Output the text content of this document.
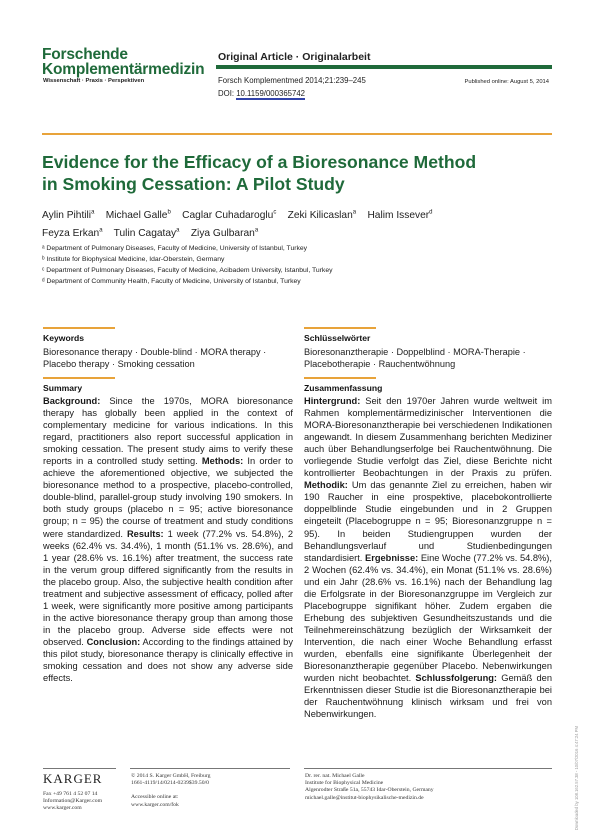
Forschende
Komplementärmedizin
Wissenschaft · Praxis · Perspektiven
Original Article · Originalarbeit
Forsch Komplementmed 2014;21:239–245
DOI: 10.1159/000365742
Published online: August 5, 2014
Evidence for the Efficacy of a Bioresonance Method
in Smoking Cessation: A Pilot Study
Aylin Pihtili$^a$ Michael Galle$^b$ Caglar Cuhadaroglu$^c$ Zeki Kilicaslan$^a$ Halim Issever$^d$
Feyza Erkan$^a$ Tulin Cagatay$^a$ Ziya Gulbaran$^a$
ᵃ Department of Pulmonary Diseases, Faculty of Medicine, University of Istanbul, Turkey
ᵇ Institute for Biophysical Medicine, Idar-Oberstein, Germany
ᶜ Department of Pulmonary Diseases, Faculty of Medicine, Acibadem University, Istanbul, Turkey
ᵈ Department of Community Health, Faculty of Medicine, University of Istanbul, Turkey
Keywords
Bioresonance therapy · Double-blind · MORA therapy ·
Placebo therapy · Smoking cessation
Summary
Background: Since the 1970s, MORA bioresonance therapy has globally been applied in the context of complementary medicine for various indications. In this regard, practitioners also report successful application in smoking cessation. The present study aims to verify these reports in a controlled study setting. Methods: In order to achieve the aforementioned objective, we subjected the bioresonance method to a prospective, placebo-controlled, double-blind, parallel-group study involving 190 smokers. In both study groups (placebo n = 95; active bioresonance group; n = 95) the course of treatment and study conditions were standardized. Results: 1 week (77.2% vs. 54.8%), 2 weeks (62.4% vs. 34.4%), 1 month (51.1% vs. 28.6%), and 1 year (28.6% vs. 16.1%) after treatment, the success rate in the verum group differed significantly from the results in the placebo group. Also, the subjective health condition after treatment and subjective assessment of efficacy, polled after 1 week, were significantly more positive among participants in the active bioresonance therapy group than among those in the placebo group. Adverse side effects were not observed. Conclusion: According to the findings attained by this pilot study, bioresonance therapy is clinically effective in smoking cessation and does not show any adverse side effects.
Schlüsselwörter
Bioresonanztherapie · Doppelblind · MORA-Therapie ·
Placebotherapie · Rauchentwöhnung
Zusammenfassung
Hintergrund: Seit den 1970er Jahren wurde weltweit im Rahmen komplementärmedizinischer Interventionen die MORA-Bioresonanztherapie bei verschiedenen Indikationen angewandt. In diesem Zusammenhang berichten Mediziner auch über Behandlungserfolge bei Rauchentwöhnung. Die vorliegende Studie verfolgt das Ziel, diese Berichte nicht kontrollierter Beobachtungen in der Praxis zu prüfen. Methodik: Um das genannte Ziel zu erreichen, haben wir 190 Raucher in eine prospektive, placebokontrollierte doppelblinde Studie eingebunden und in 2 Gruppen eingeteilt (Placebogruppe n = 95; Bioresonanzgruppe n = 95). In beiden Studiengruppen wurden der Behandlungsverlauf und Studienbedingungen standardisiert. Ergebnisse: Eine Woche (77.2% vs. 54.8%), 2 Wochen (62.4% vs. 34.4%), ein Monat (51.1% vs. 28.6%) und ein Jahr (28.6% vs. 16.1%) nach der Behandlung lag die Erfolgsrate in der Bioresonanzgruppe im Vergleich zur Placebogruppe signifikant höher. Zudem ergaben die Erhebung des subjektiven Gesundheitszustands und die Teilnehmereinschätzung bezüglich der Wirksamkeit der Intervention, die nach einer Woche Behandlung erfasst wurden, ebenfalls eine signifikante Überlegenheit der Bioresonanztherapie gegenüber Placebo. Nebenwirkungen wurden nicht beobachtet. Schlussfolgerung: Gemäß den Erkenntnissen dieser Studie ist die Bioresonanztherapie bei der Rauchentwöhnung klinisch wirksam und frei von Nebenwirkungen.
KARGER
Fax +49 761 4 52 07 14
Information@Karger.com
www.karger.com
© 2014 S. Karger GmbH, Freiburg
1661-4119/14/0214-0239$39.50/0
Accessible online at:
www.karger.com/fok
Dr. rer. nat. Michael Galle
Institute for Biophysical Medicine
Algenrodter Straße 51a, 55743 Idar-Oberstein, Germany
michael.galle@institut-biophysikalische-medizin.de
Downloaded by 108.162.57.38 - 10/07/2016 4:47:24 PM
